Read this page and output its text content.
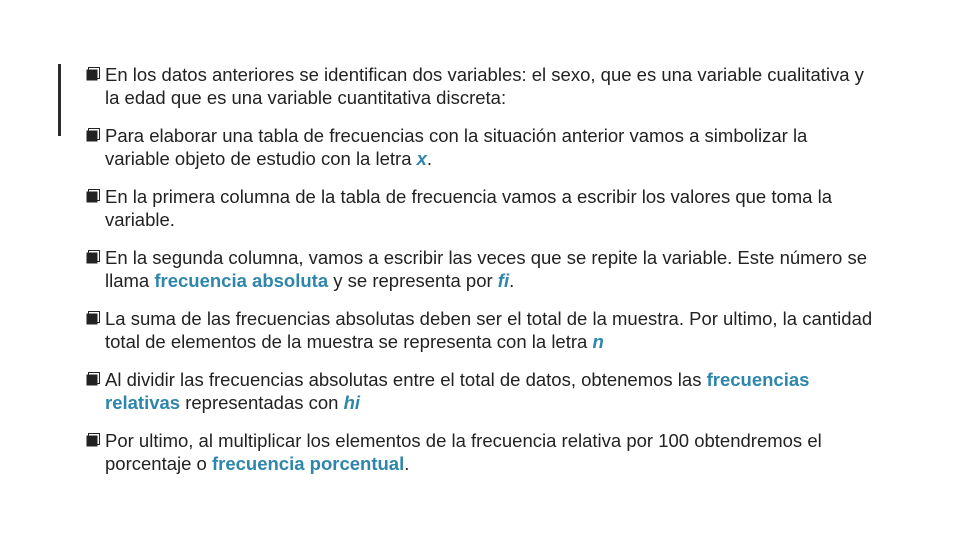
En los datos anteriores se identifican dos variables: el sexo, que es una variable cualitativa y la edad que es una variable cuantitativa discreta:
Para elaborar una tabla de frecuencias con la situación anterior vamos a simbolizar la variable objeto de estudio con la letra x.
En la primera columna de la tabla de frecuencia vamos a escribir los valores que toma la variable.
En la segunda columna, vamos a escribir las veces que se repite la variable. Este número se llama frecuencia absoluta y se representa por fi.
La suma de las frecuencias absolutas deben ser el total de la muestra. Por ultimo, la cantidad total de elementos de la muestra se representa con la letra n
Al dividir las frecuencias absolutas entre el total de datos, obtenemos las frecuencias relativas representadas con hi
Por ultimo, al multiplicar los elementos de la frecuencia relativa por 100 obtendremos el porcentaje o frecuencia porcentual.
